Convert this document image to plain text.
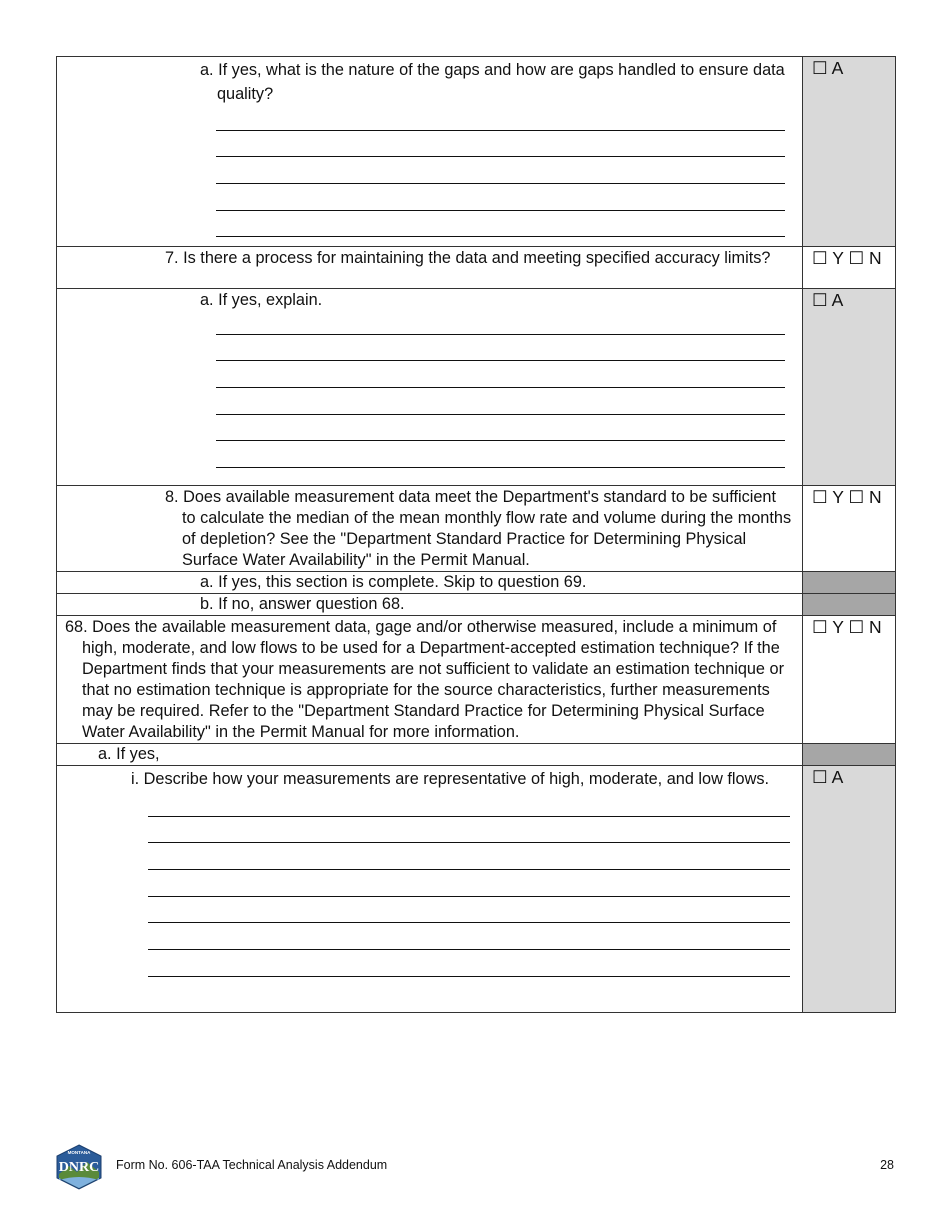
a. If yes, what is the nature of the gaps and how are gaps handled to ensure data quality?	☐ A

7. Is there a process for maintaining the data and meeting specified accuracy limits?	☐ Y ☐ N

a. If yes, explain.	☐ A

8. Does available measurement data meet the Department's standard to be sufficient to calculate the median of the mean monthly flow rate and volume during the months of depletion? See the "Department Standard Practice for Determining Physical Surface Water Availability" in the Permit Manual.	☐ Y ☐ N

a. If yes, this section is complete. Skip to question 69.	

b. If no, answer question 68.	

68. Does the available measurement data, gage and/or otherwise measured, include a minimum of high, moderate, and low flows to be used for a Department-accepted estimation technique? If the Department finds that your measurements are not sufficient to validate an estimation technique or that no estimation technique is appropriate for the source characteristics, further measurements may be required. Refer to the "Department Standard Practice for Determining Physical Surface Water Availability" in the Permit Manual for more information.	☐ Y ☐ N

a. If yes,	

i. Describe how your measurements are representative of high, moderate, and low flows.	☐ A
MONTANA
DNRC Form No. 606-TAA Technical Analysis Addendum	28
